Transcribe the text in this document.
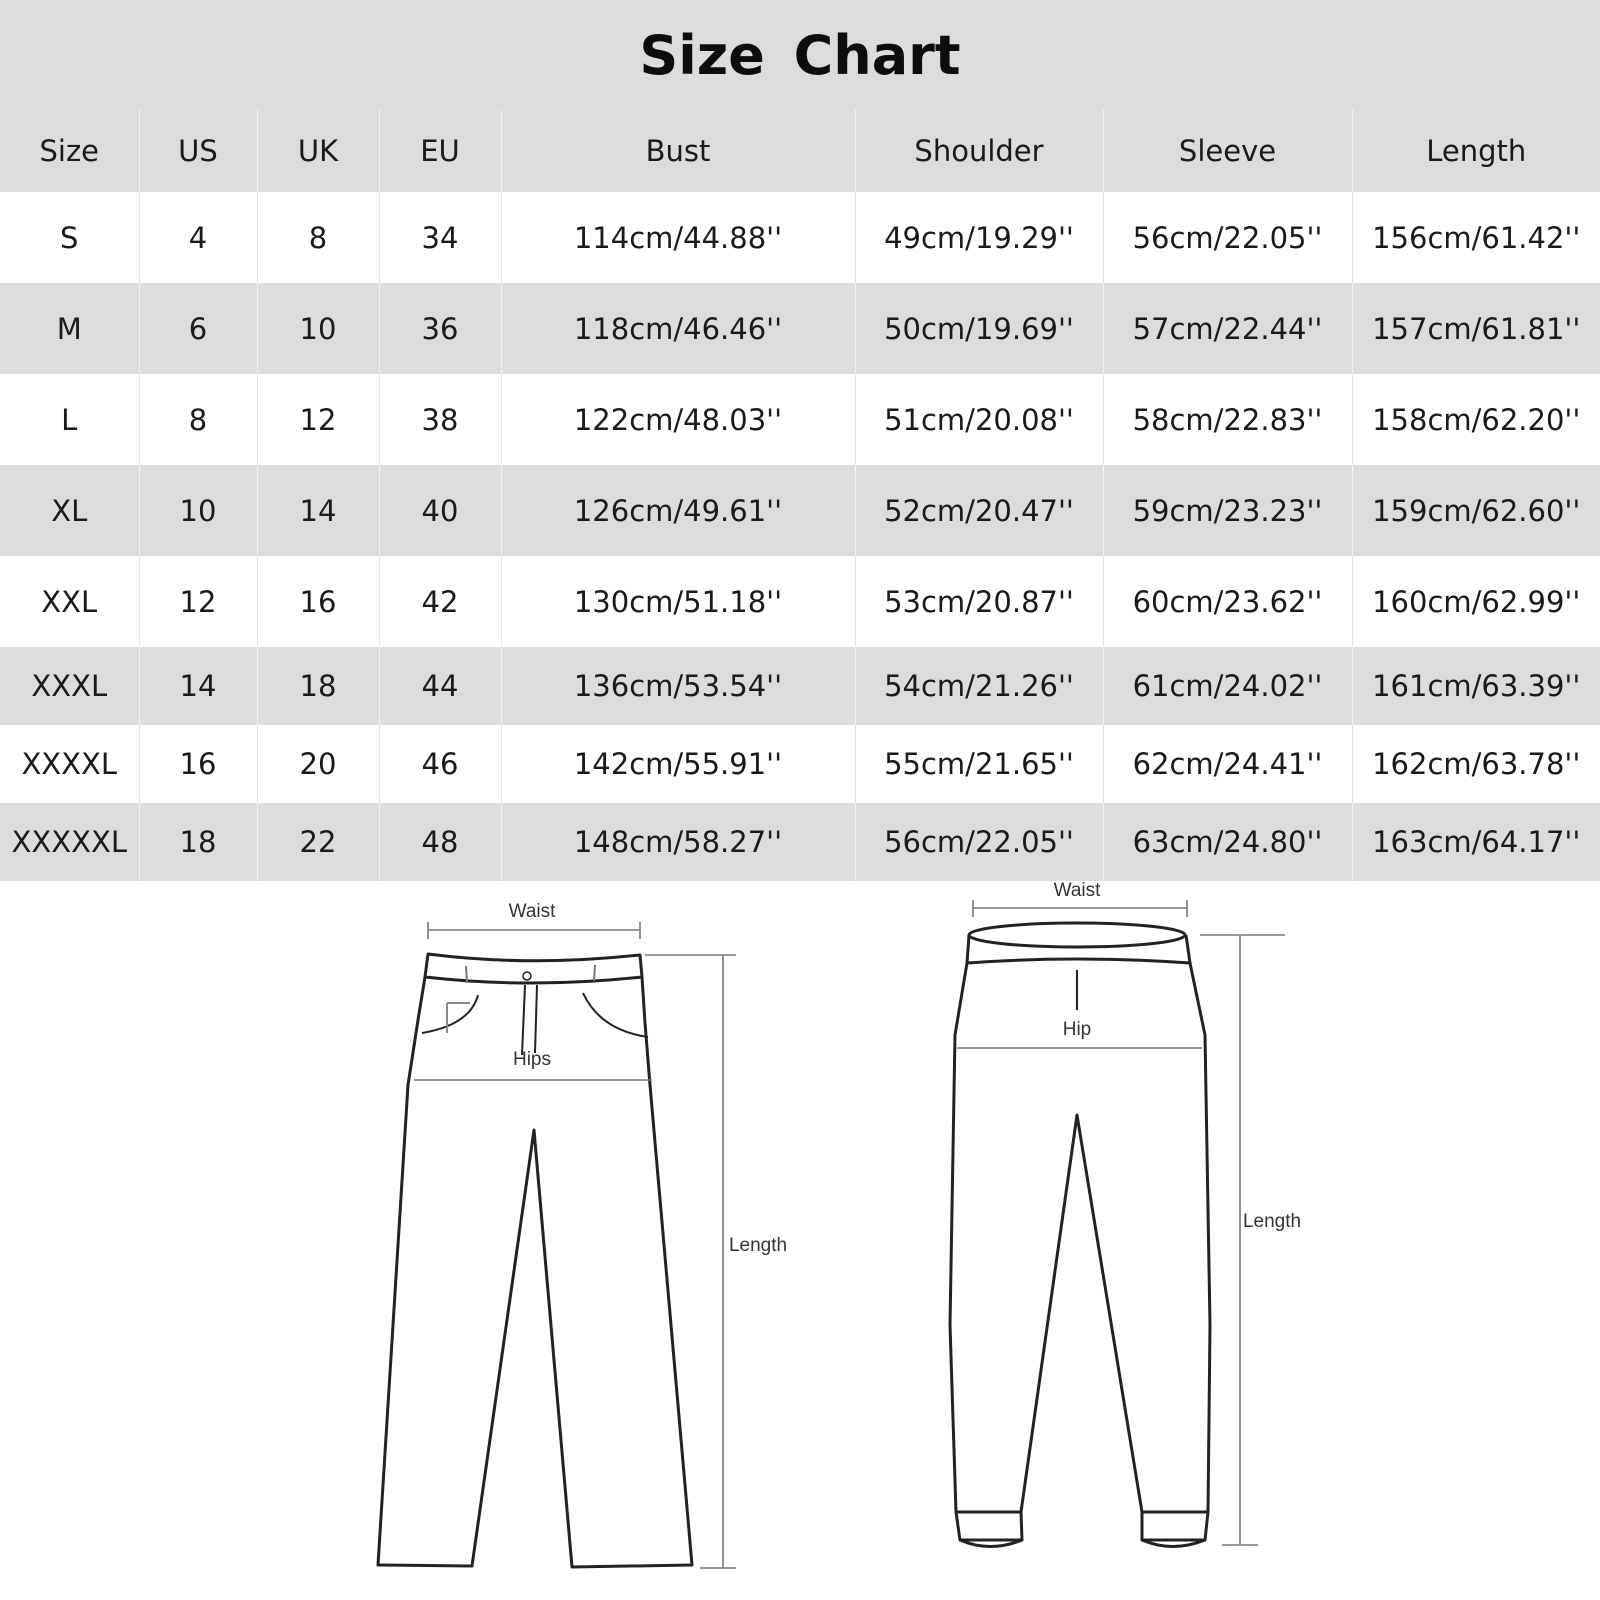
Size Chart
Size	US	UK	EU	Bust	Shoulder	Sleeve	Length
S	4	8	34	114cm/44.88''	49cm/19.29''	56cm/22.05''	156cm/61.42''
M	6	10	36	118cm/46.46''	50cm/19.69''	57cm/22.44''	157cm/61.81''
L	8	12	38	122cm/48.03''	51cm/20.08''	58cm/22.83''	158cm/62.20''
XL	10	14	40	126cm/49.61''	52cm/20.47''	59cm/23.23''	159cm/62.60''
XXL	12	16	42	130cm/51.18''	53cm/20.87''	60cm/23.62''	160cm/62.99''
XXXL	14	18	44	136cm/53.54''	54cm/21.26''	61cm/24.02''	161cm/63.39''
XXXXL	16	20	46	142cm/55.91''	55cm/21.65''	62cm/24.41''	162cm/63.78''
XXXXXL	18	22	48	148cm/58.27''	56cm/22.05''	63cm/24.80''	163cm/64.17''
Waist
Hips
Length
Waist
Hip
Length
